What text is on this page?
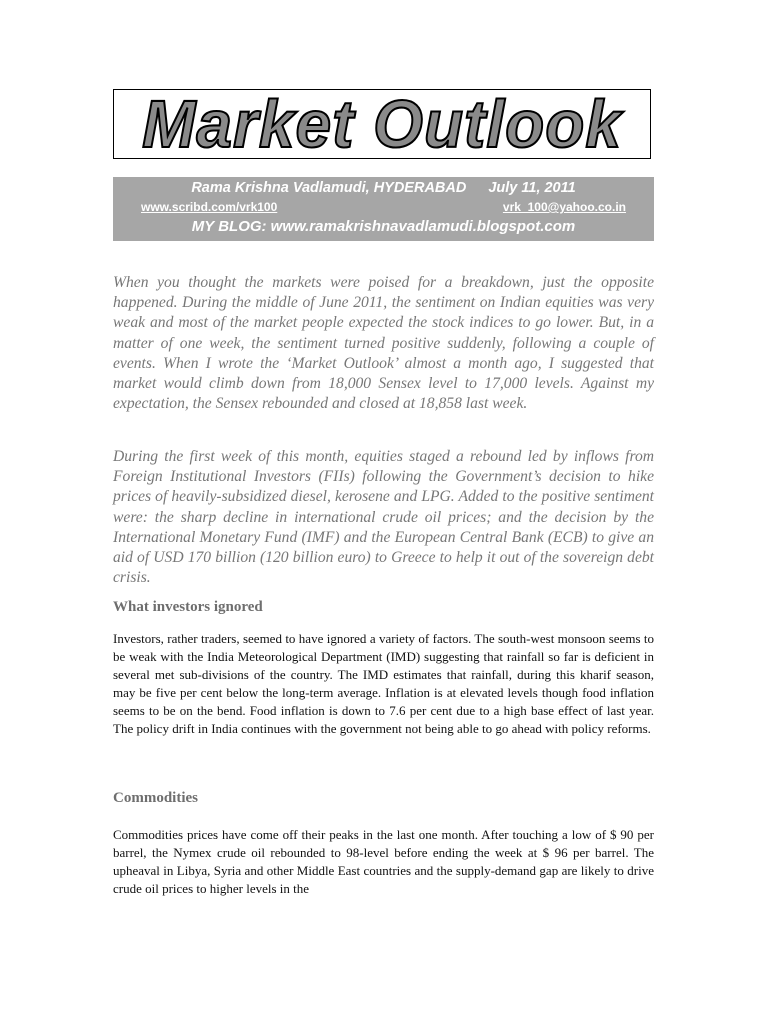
Market Outlook
Rama Krishna Vadlamudi, HYDERABAD July 11, 2011
www.scribd.com/vrk100	vrk_100@yahoo.co.in
MY BLOG: www.ramakrishnavadlamudi.blogspot.com

When you thought the markets were poised for a breakdown, just the opposite happened. During the middle of June 2011, the sentiment on Indian equities was very weak and most of the market people expected the stock indices to go lower. But, in a matter of one week, the sentiment turned positive suddenly, following a couple of events. When I wrote the ‘Market Outlook’ almost a month ago, I suggested that market would climb down from 18,000 Sensex level to 17,000 levels. Against my expectation, the Sensex rebounded and closed at 18,858 last week.

During the first week of this month, equities staged a rebound led by inflows from Foreign Institutional Investors (FIIs) following the Government’s decision to hike prices of heavily-subsidized diesel, kerosene and LPG. Added to the positive sentiment were: the sharp decline in international crude oil prices; and the decision by the International Monetary Fund (IMF) and the European Central Bank (ECB) to give an aid of USD 170 billion (120 billion euro) to Greece to help it out of the sovereign debt crisis.

What investors ignored

Investors, rather traders, seemed to have ignored a variety of factors. The south-west monsoon seems to be weak with the India Meteorological Department (IMD) suggesting that rainfall so far is deficient in several met sub-divisions of the country. The IMD estimates that rainfall, during this kharif season, may be five per cent below the long-term average. Inflation is at elevated levels though food inflation seems to be on the bend. Food inflation is down to 7.6 per cent due to a high base effect of last year. The policy drift in India continues with the government not being able to go ahead with policy reforms.

Commodities

Commodities prices have come off their peaks in the last one month. After touching a low of $ 90 per barrel, the Nymex crude oil rebounded to 98-level before ending the week at $ 96 per barrel. The upheaval in Libya, Syria and other Middle East countries and the supply-demand gap are likely to drive crude oil prices to higher levels in the
